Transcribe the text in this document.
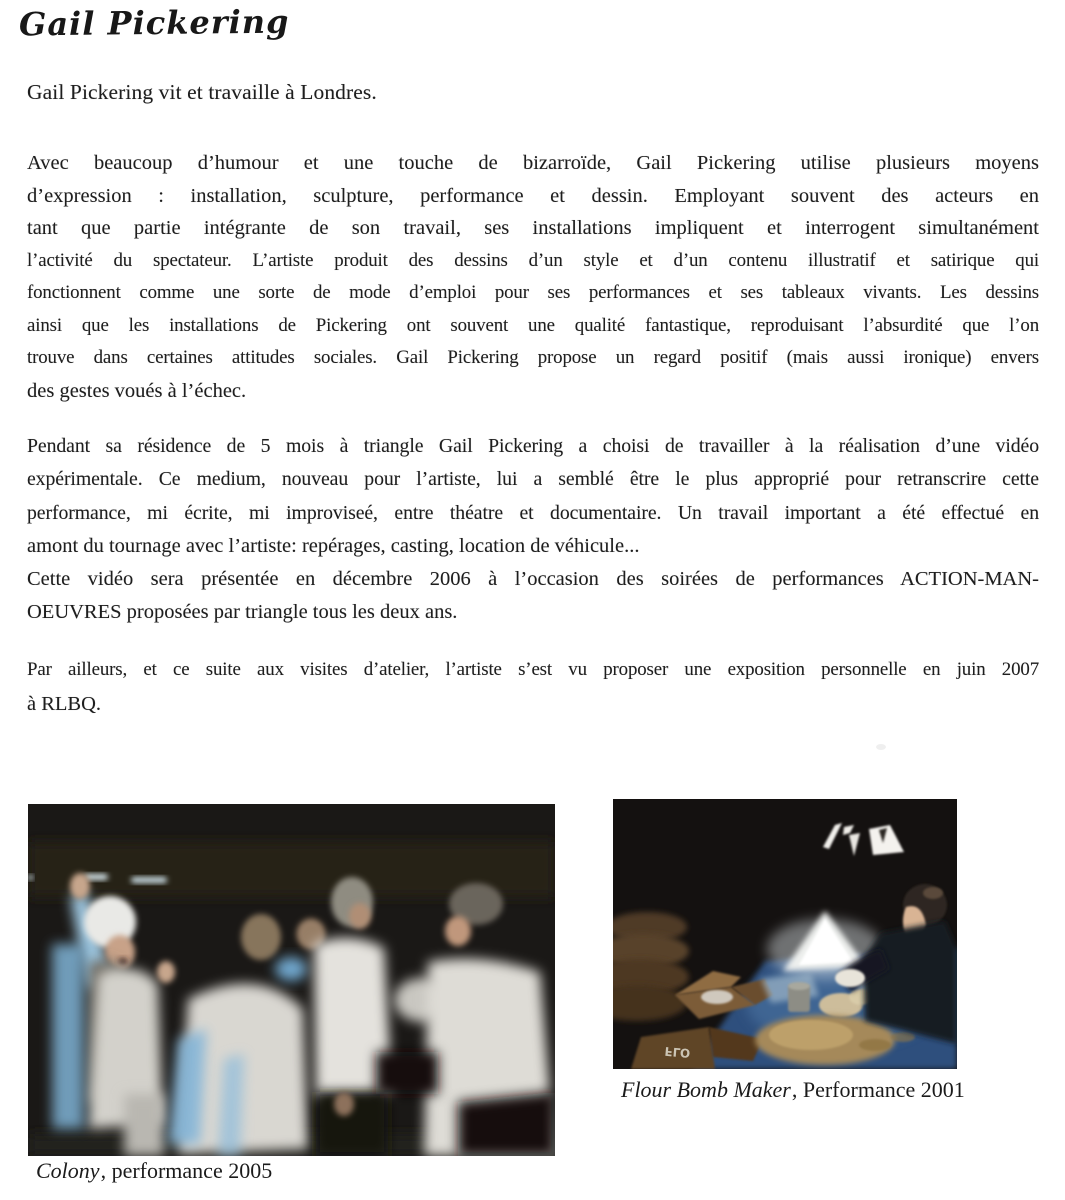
Gail Pickering
Gail Pickering vit et travaille à Londres.
Avec beaucoup d’humour et une touche de bizarroïde, Gail Pickering utilise plusieurs moyens
d’expression : installation, sculpture, performance et dessin. Employant souvent des acteurs en
tant que partie intégrante de son travail, ses installations impliquent et interrogent simultanément
l’activité du spectateur. L’artiste produit des dessins d’un style et d’un contenu illustratif et satirique qui
fonctionnent comme une sorte de mode d’emploi pour ses performances et ses tableaux vivants. Les dessins
ainsi que les installations de Pickering ont souvent une qualité fantastique, reproduisant l’absurdité que l’on
trouve dans certaines attitudes sociales. Gail Pickering propose un regard positif (mais aussi ironique) envers
des gestes voués à l’échec.
Pendant sa résidence de 5 mois à triangle Gail Pickering a choisi de travailler à la réalisation d’une vidéo
expérimentale. Ce medium, nouveau pour l’artiste, lui a semblé être le plus approprié pour retranscrire cette
performance, mi écrite, mi improviseé, entre théatre et documentaire. Un travail important a été effectué en
amont du tournage avec l’artiste: repérages, casting, location de véhicule...
Cette vidéo sera présentée en décembre 2006 à l’occasion des soirées de performances ACTION-MAN-
OEUVRES proposées par triangle tous les deux ans.
Par ailleurs, et ce suite aux visites d’atelier, l’artiste s’est vu proposer une exposition personnelle en juin 2007
à RLBQ.
Colony, performance 2005
FLO
Flour Bomb Maker, Performance 2001
